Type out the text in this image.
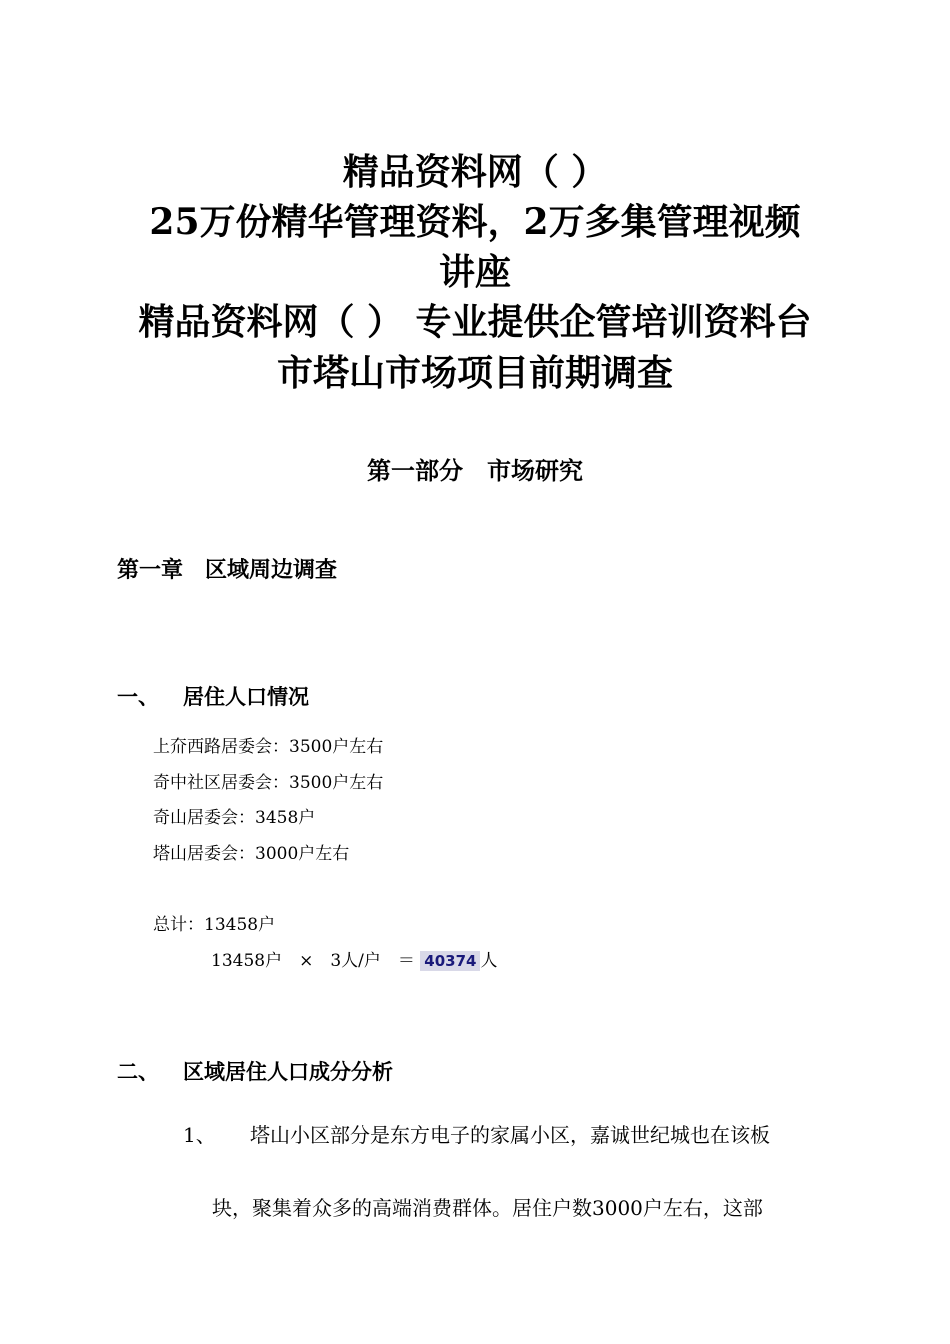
精品资料网（ ）
25万份精华管理资料，2万多集管理视频
讲座
精品资料网（ ） 专业提供企管培训资料台
市塔山市场项目前期调查
第一部分　市场研究
第一章　区域周边调查
一、 居住人口情况
上夼西路居委会：3500户左右
奇中社区居委会：3500户左右
奇山居委会：3458户
塔山居委会：3000户左右
总计：13458户
13458户　×　3人/户　＝ 40374 人
二、 区域居住人口成分分析
1、 塔山小区部分是东方电子的家属小区，嘉诚世纪城也在该板
块，聚集着众多的高端消费群体。居住户数3000户左右，这部
